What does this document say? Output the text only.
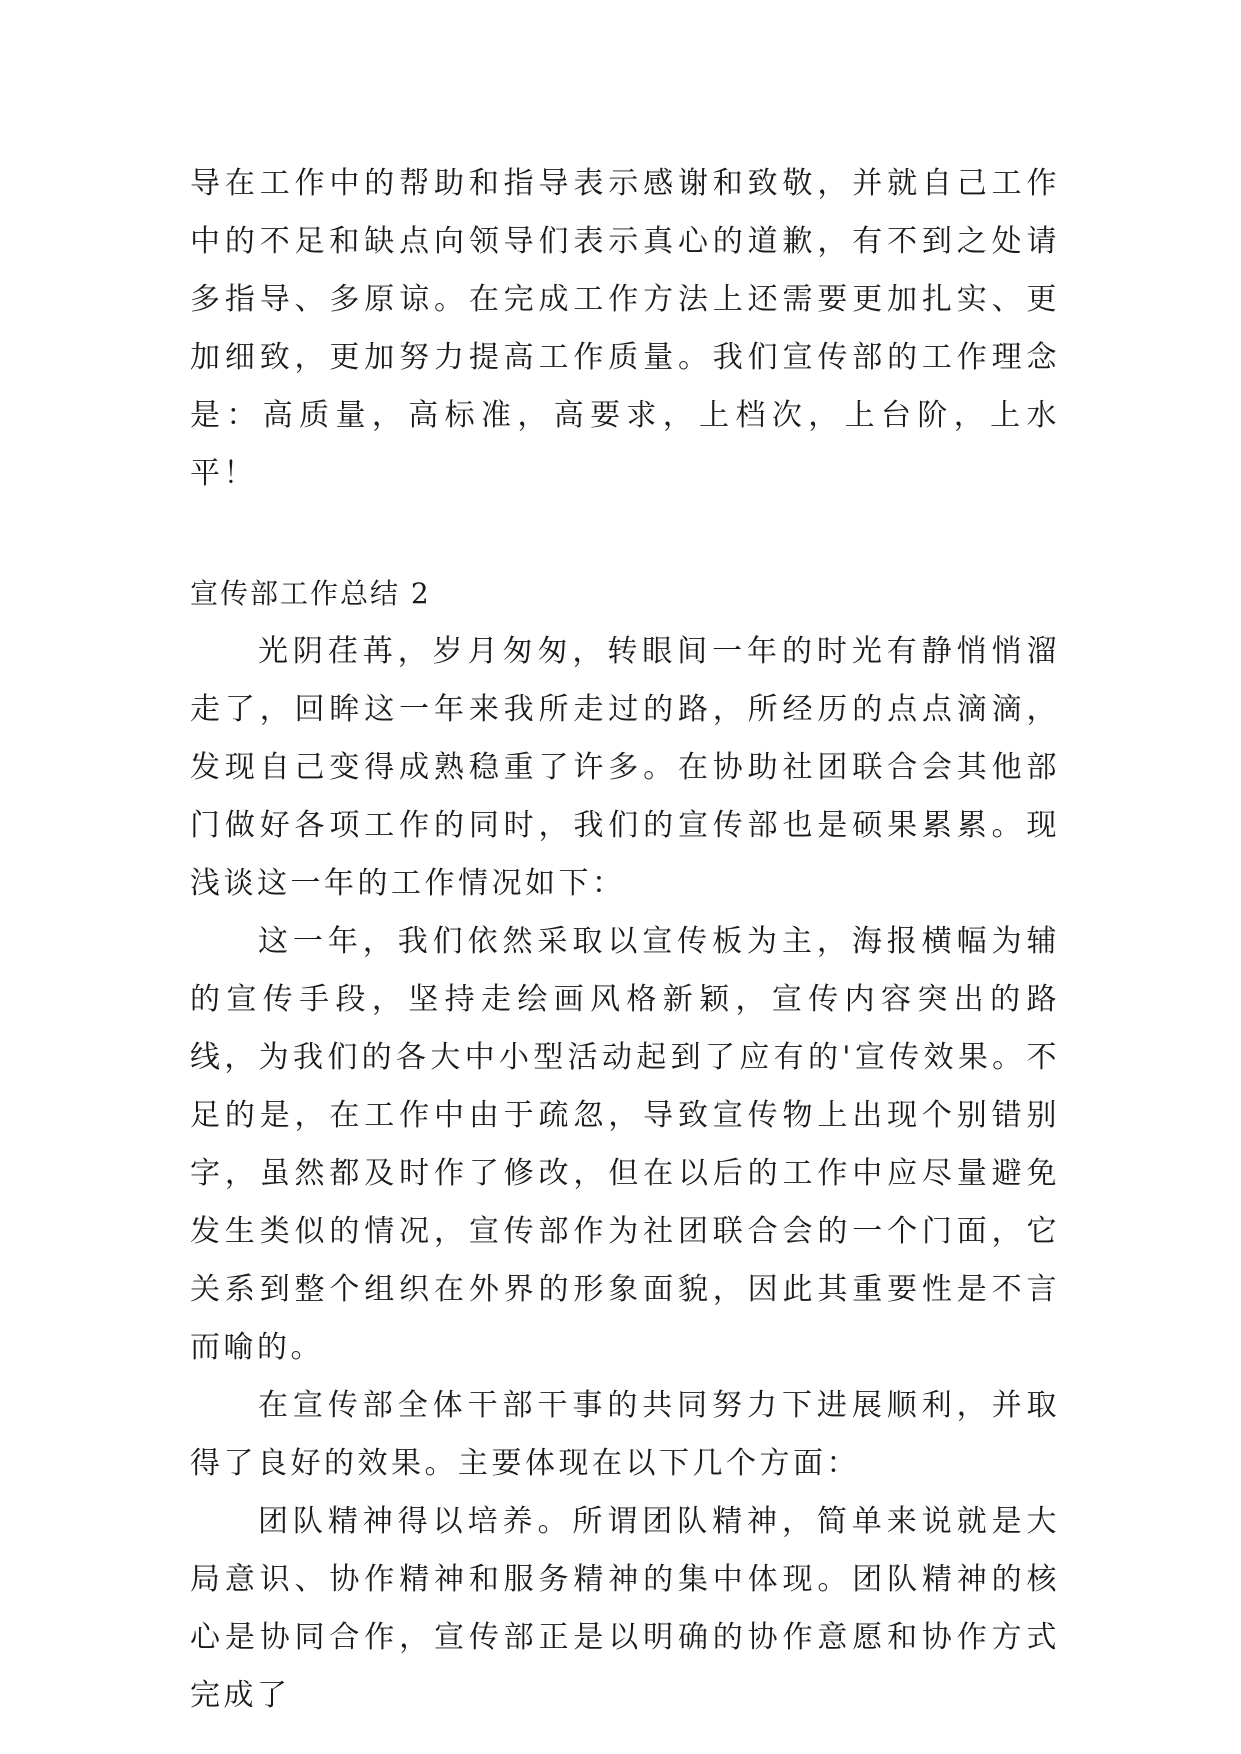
导在工作中的帮助和指导表示感谢和致敬，并就自己工作中的不足和缺点向领导们表示真心的道歉，有不到之处请多指导、多原谅。在完成工作方法上还需要更加扎实、更加细致，更加努力提高工作质量。我们宣传部的工作理念是：高质量，高标准，高要求，上档次，上台阶，上水平！

宣传部工作总结 2

光阴荏苒，岁月匆匆，转眼间一年的时光有静悄悄溜走了，回眸这一年来我所走过的路，所经历的点点滴滴，发现自己变得成熟稳重了许多。在协助社团联合会其他部门做好各项工作的同时，我们的宣传部也是硕果累累。现浅谈这一年的工作情况如下：

这一年，我们依然采取以宣传板为主，海报横幅为辅的宣传手段，坚持走绘画风格新颖，宣传内容突出的路线，为我们的各大中小型活动起到了应有的'宣传效果。不足的是，在工作中由于疏忽，导致宣传物上出现个别错别字，虽然都及时作了修改，但在以后的工作中应尽量避免发生类似的情况，宣传部作为社团联合会的一个门面，它关系到整个组织在外界的形象面貌，因此其重要性是不言而喻的。

在宣传部全体干部干事的共同努力下进展顺利，并取得了良好的效果。主要体现在以下几个方面：

团队精神得以培养。所谓团队精神，简单来说就是大局意识、协作精神和服务精神的集中体现。团队精神的核心是协同合作，宣传部正是以明确的协作意愿和协作方式完成了
